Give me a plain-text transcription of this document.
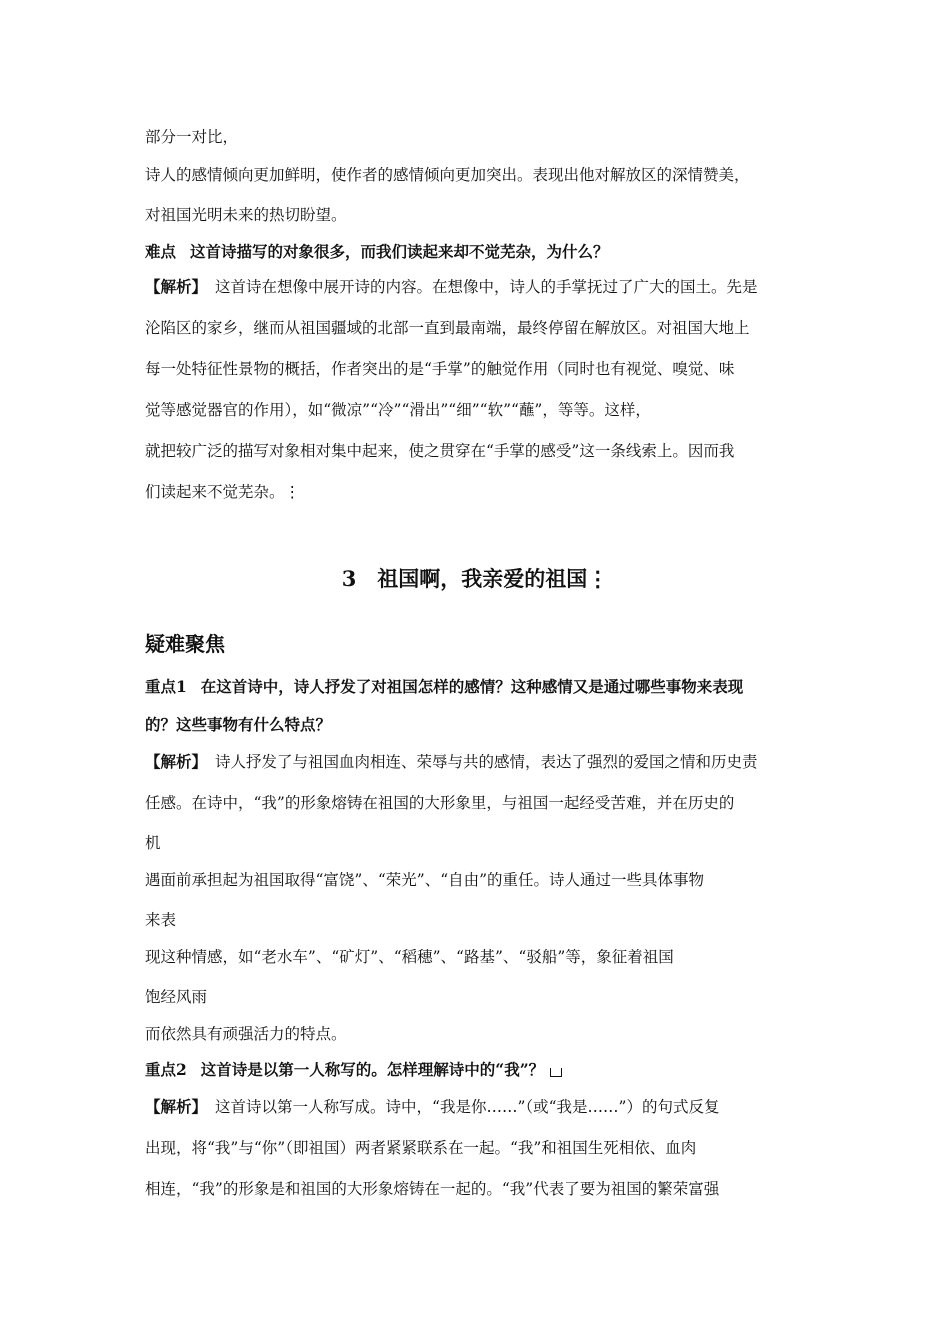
部分一对比，
诗人的感情倾向更加鲜明，使作者的感情倾向更加突出。表现出他对解放区的深情赞美，
对祖国光明未来的热切盼望。
难点 这首诗描写的对象很多，而我们读起来却不觉芜杂，为什么？
【解析】 这首诗在想像中展开诗的内容。在想像中，诗人的手掌抚过了广大的国土。先是
沦陷区的家乡，继而从祖国疆域的北部一直到最南端，最终停留在解放区。对祖国大地上
每一处特征性景物的概括，作者突出的是“手掌”的触觉作用（同时也有视觉、嗅觉、味
觉等感觉器官的作用），如“微凉”“冷”“滑出”“细”“软”“蘸”，等等。这样，
就把较广泛的描写对象相对集中起来，使之贯穿在“手掌的感受”这一条线索上。因而我
们读起来不觉芜杂。⋮
3　祖国啊，我亲爱的祖国⋮
疑难聚焦
重点1 在这首诗中，诗人抒发了对祖国怎样的感情？这种感情又是通过哪些事物来表现
的？这些事物有什么特点？
【解析】 诗人抒发了与祖国血肉相连、荣辱与共的感情，表达了强烈的爱国之情和历史责
任感。在诗中，“我”的形象熔铸在祖国的大形象里，与祖国一起经受苦难，并在历史的
机
遇面前承担起为祖国取得“富饶”、“荣光”、“自由”的重任。诗人通过一些具体事物
来表
现这种情感，如“老水车”、“矿灯”、“稻穗”、“路基”、“驳船”等，象征着祖国
饱经风雨
而依然具有顽强活力的特点。
重点2 这首诗是以第一人称写的。怎样理解诗中的“我”？
【解析】 这首诗以第一人称写成。诗中，“我是你……”（或“我是……”）的句式反复
出现，将“我”与“你”（即祖国）两者紧紧联系在一起。“我”和祖国生死相依、血肉
相连，“我”的形象是和祖国的大形象熔铸在一起的。“我”代表了要为祖国的繁荣富强
